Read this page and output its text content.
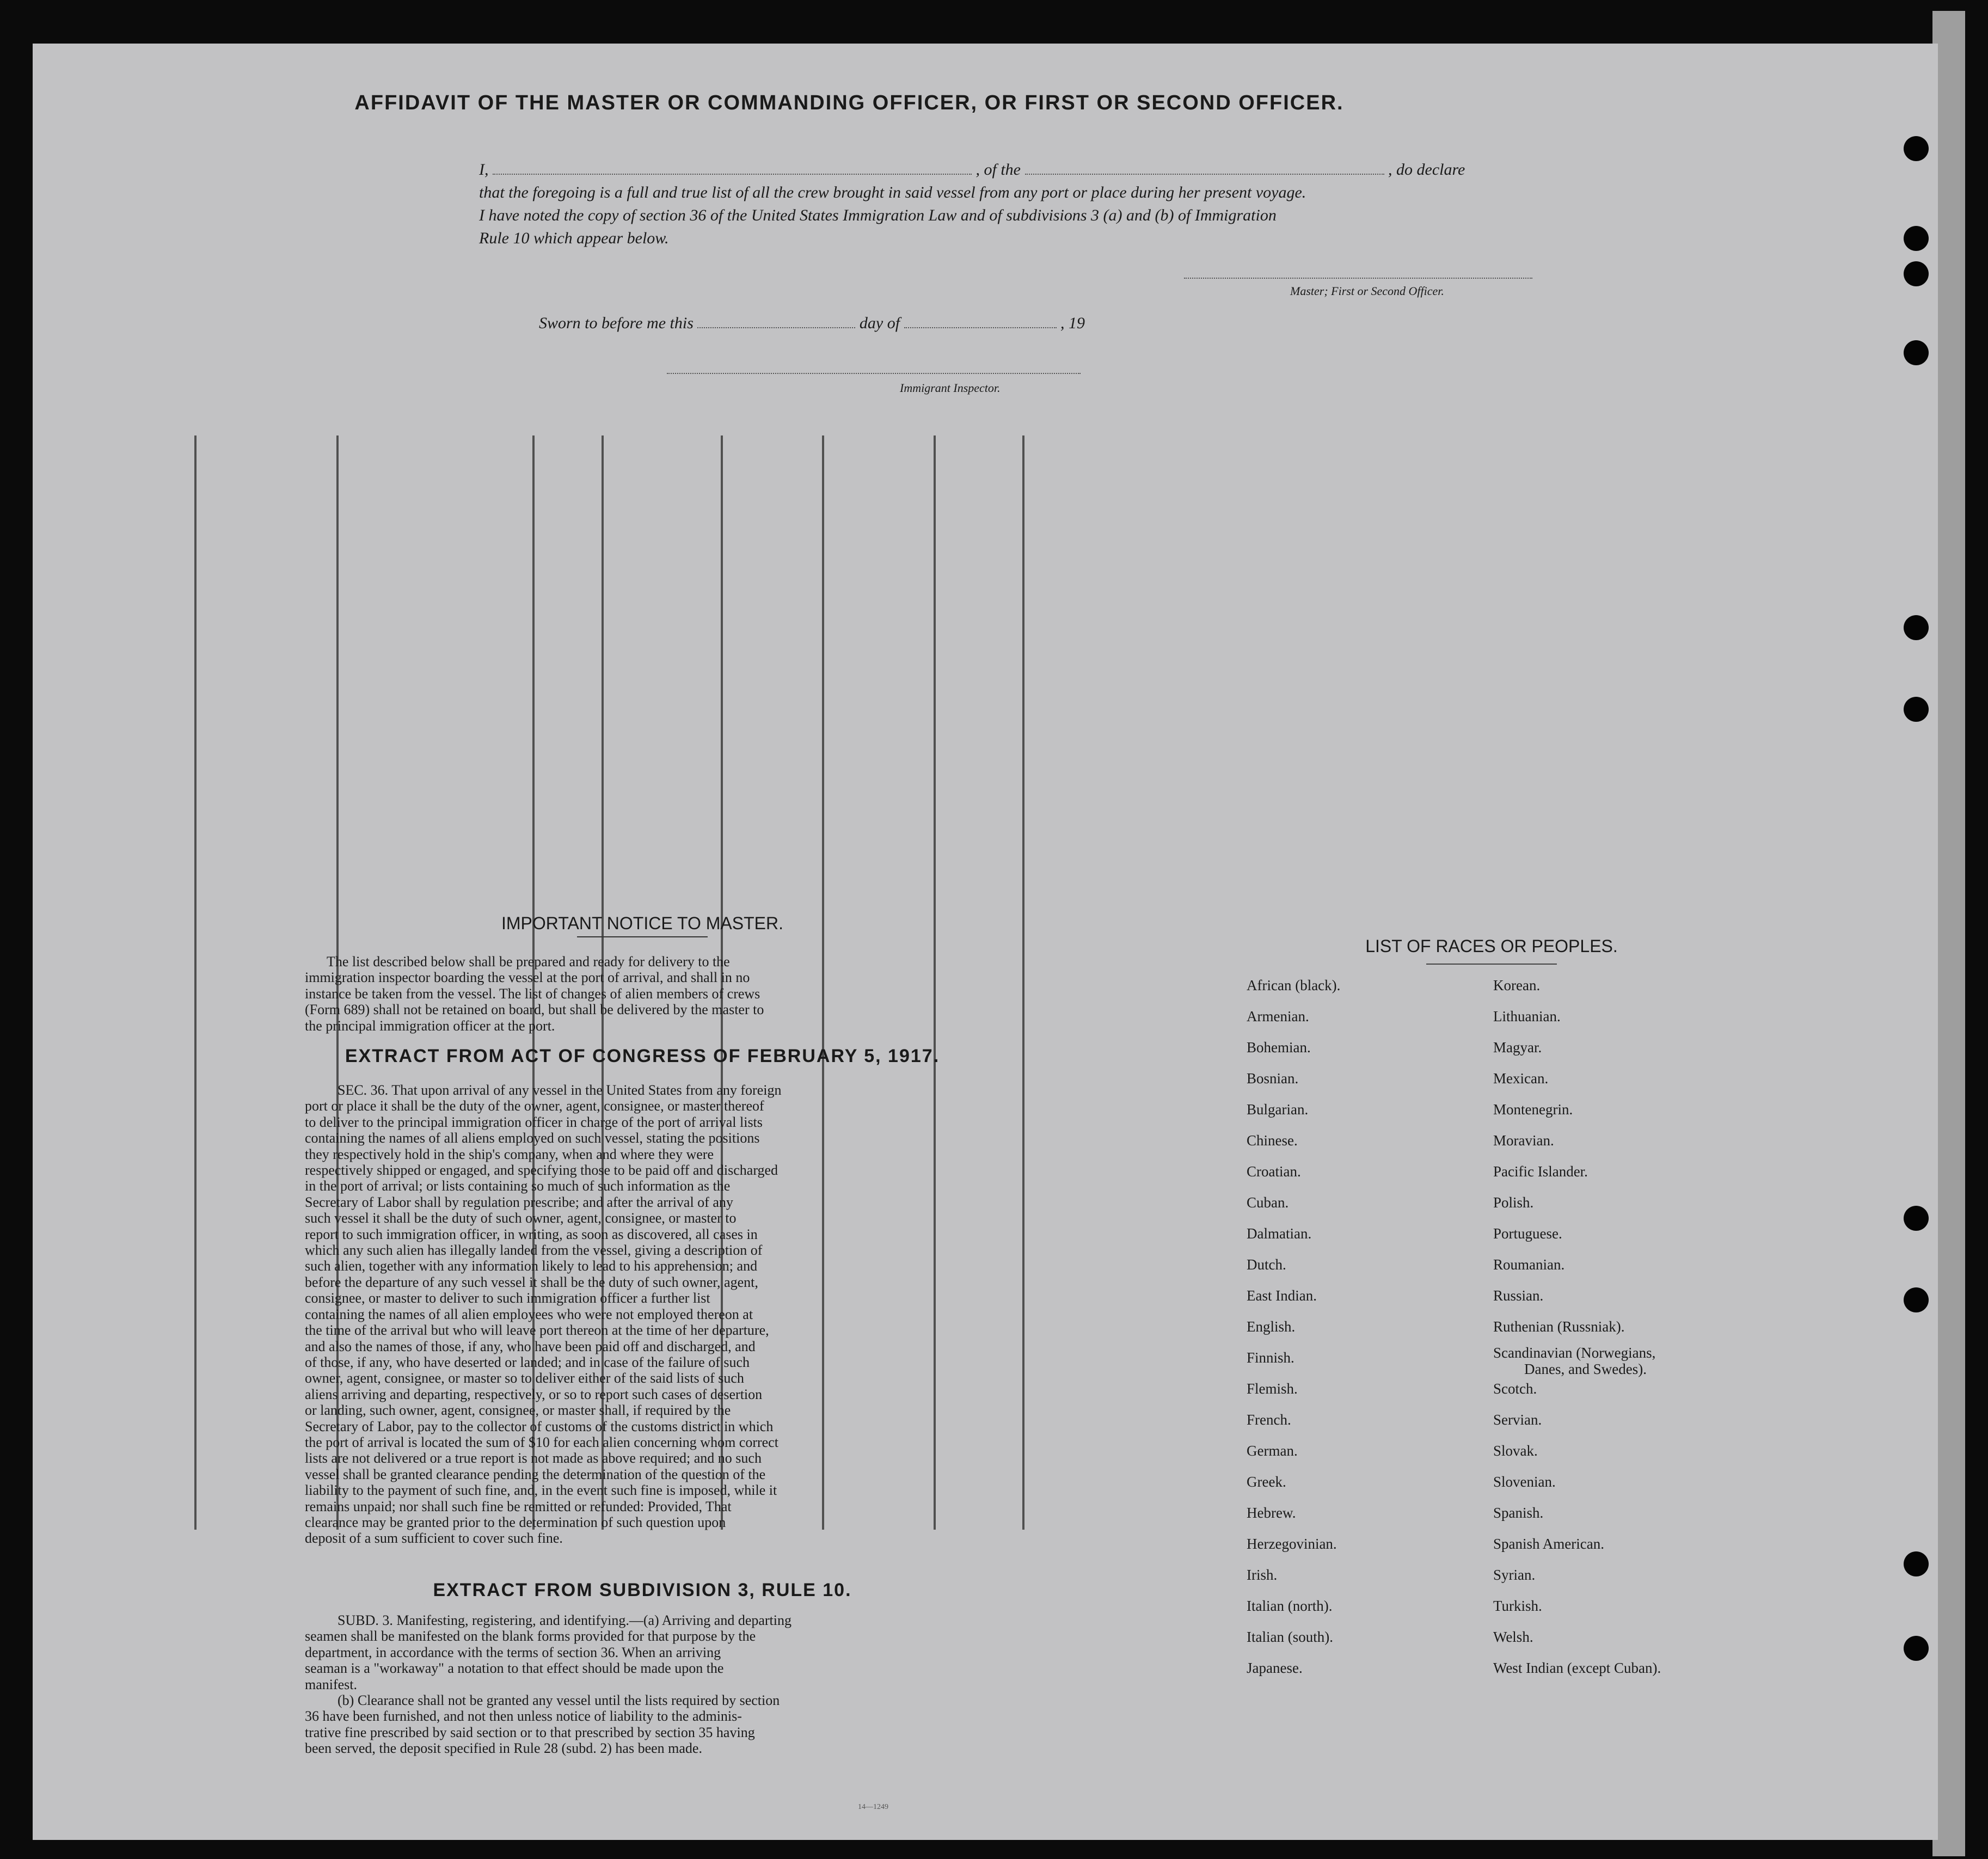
AFFIDAVIT OF THE MASTER OR COMMANDING OFFICER, OR FIRST OR SECOND OFFICER.
I,	, of the	, do declare
that the foregoing is a full and true list of all the crew brought in said vessel from any port or place during her present voyage.
I have noted the copy of section 36 of the United States Immigration Law and of subdivisions 3 (a) and (b) of Immigration
Rule 10 which appear below.
Master; First or Second Officer.
Sworn to before me this	day of	, 19
Immigrant Inspector.
IMPORTANT NOTICE TO MASTER.
The list described below shall be prepared and ready for delivery to the
immigration inspector boarding the vessel at the port of arrival, and shall in no
instance be taken from the vessel. The list of changes of alien members of crews
(Form 689) shall not be retained on board, but shall be delivered by the master to
the principal immigration officer at the port.
EXTRACT FROM ACT OF CONGRESS OF FEBRUARY 5, 1917.
SEC. 36. That upon arrival of any vessel in the United States from any foreign
port or place it shall be the duty of the owner, agent, consignee, or master thereof
to deliver to the principal immigration officer in charge of the port of arrival lists
containing the names of all aliens employed on such vessel, stating the positions
they respectively hold in the ship's company, when and where they were
respectively shipped or engaged, and specifying those to be paid off and discharged
in the port of arrival; or lists containing so much of such information as the
Secretary of Labor shall by regulation prescribe; and after the arrival of any
such vessel it shall be the duty of such owner, agent, consignee, or master to
report to such immigration officer, in writing, as soon as discovered, all cases in
which any such alien has illegally landed from the vessel, giving a description of
such alien, together with any information likely to lead to his apprehension; and
before the departure of any such vessel it shall be the duty of such owner, agent,
consignee, or master to deliver to such immigration officer a further list
containing the names of all alien employees who were not employed thereon at
the time of the arrival but who will leave port thereon at the time of her departure,
and also the names of those, if any, who have been paid off and discharged, and
of those, if any, who have deserted or landed; and in case of the failure of such
owner, agent, consignee, or master so to deliver either of the said lists of such
aliens arriving and departing, respectively, or so to report such cases of desertion
or landing, such owner, agent, consignee, or master shall, if required by the
Secretary of Labor, pay to the collector of customs of the customs district in which
the port of arrival is located the sum of $10 for each alien concerning whom correct
lists are not delivered or a true report is not made as above required; and no such
vessel shall be granted clearance pending the determination of the question of the
liability to the payment of such fine, and, in the event such fine is imposed, while it
remains unpaid; nor shall such fine be remitted or refunded: Provided, That
clearance may be granted prior to the determination of such question upon
deposit of a sum sufficient to cover such fine.
EXTRACT FROM SUBDIVISION 3, RULE 10.
SUBD. 3. Manifesting, registering, and identifying.—(a) Arriving and departing
seamen shall be manifested on the blank forms provided for that purpose by the
department, in accordance with the terms of section 36. When an arriving
seaman is a "workaway" a notation to that effect should be made upon the
manifest.
(b) Clearance shall not be granted any vessel until the lists required by section
36 have been furnished, and not then unless notice of liability to the adminis-
trative fine prescribed by said section or to that prescribed by section 35 having
been served, the deposit specified in Rule 28 (subd. 2) has been made.
14—1249
LIST OF RACES OR PEOPLES.
African (black).
Armenian.
Bohemian.
Bosnian.
Bulgarian.
Chinese.
Croatian.
Cuban.
Dalmatian.
Dutch.
East Indian.
English.
Finnish.
Flemish.
French.
German.
Greek.
Hebrew.
Herzegovinian.
Irish.
Italian (north).
Italian (south).
Japanese.
Korean.
Lithuanian.
Magyar.
Mexican.
Montenegrin.
Moravian.
Pacific Islander.
Polish.
Portuguese.
Roumanian.
Russian.
Ruthenian (Russniak).
Scandinavian (Norwegians,
Danes, and Swedes).
Scotch.
Servian.
Slovak.
Slovenian.
Spanish.
Spanish American.
Syrian.
Turkish.
Welsh.
West Indian (except Cuban).
